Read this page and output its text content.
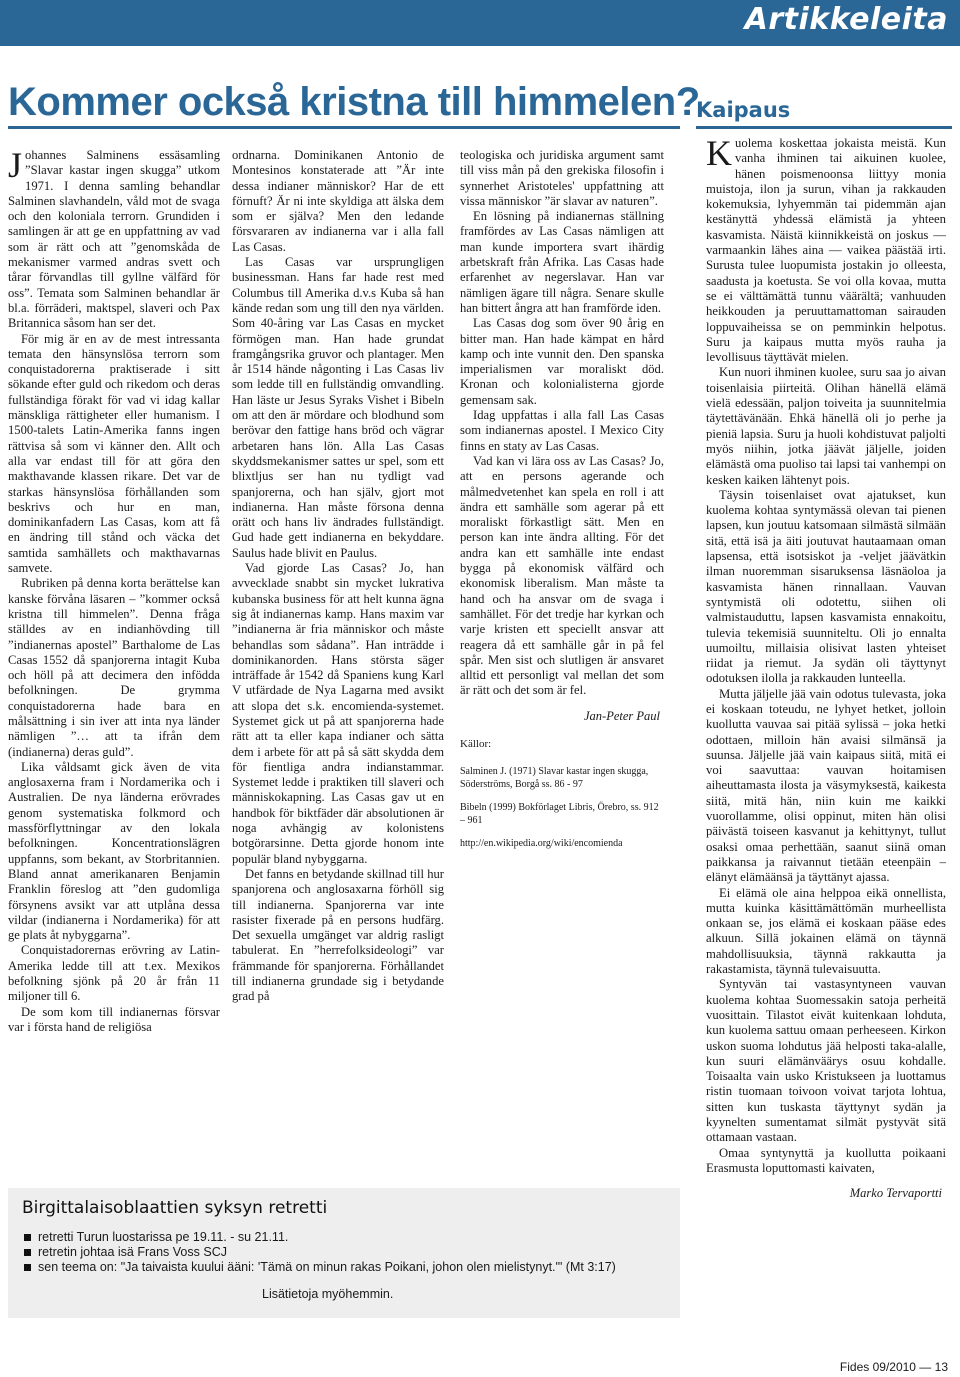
Artikkeleita
Kommer också kristna till himmelen?
Kaipaus

Johannes Salminens essäsamling ”Slavar kastar ingen skugga” utkom 1971. I denna samling behandlar Salminen slavhandeln, våld mot de svaga och den koloniala terrorn. Grundiden i samlingen är att ge en uppfattning av vad som är rätt och att ”genomskåda de mekanismer varmed andras svett och tårar förvandlas till gyllne välfärd för oss”. Temata som Salminen behandlar är bl.a. förräderi, maktspel, slaveri och Pax Britannica såsom han ser det.

För mig är en av de mest intressanta temata den hänsynslösa terrorn som conquistadorerna praktiserade i sitt sökande efter guld och rikedom och deras fullständiga förakt för vad vi idag kallar mänskliga rättigheter eller humanism. I 1500-talets Latin-Amerika fanns ingen rättvisa så som vi känner den. Allt och alla var endast till för att göra den makthavande klassen rikare. Det var de starkas hänsynslösa förhållanden som beskrivs och hur en man, dominikanfadern Las Casas, kom att få en ändring till stånd och väcka det samtida samhällets och makthavarnas samvete.

Rubriken på denna korta berättelse kan kanske förvåna läsaren – ”kommer också kristna till himmelen”. Denna fråga ställdes av en indianhövding till ”indianernas apostel” Barthalome de Las Casas 1552 då spanjorerna intagit Kuba och höll på att decimera den infödda befolkningen. De grymma conquistadorerna hade bara en målsättning i sin iver att inta nya länder nämligen ”… att ta ifrån dem (indianerna) deras guld”.

Lika våldsamt gick även de vita anglosaxerna fram i Nordamerika och i Australien. De nya länderna erövrades genom systematiska folkmord och massförflyttningar av den lokala befolkningen. Koncentrationslägren uppfanns, som bekant, av Storbritannien. Bland annat amerikanaren Benjamin Franklin föreslog att ”den gudomliga försynens avsikt var att utplåna dessa vildar (indianerna i Nordamerika) för att ge plats åt nybyggarna”.

Conquistadorernas erövring av Latin-Amerika ledde till att t.ex. Mexikos befolkning sjönk på 20 år från 11 miljoner till 6.

De som kom till indianernas försvar var i första hand de religiösa

ordnarna. Dominikanen Antonio de Montesinos konstaterade att ”Är inte dessa indianer människor? Har de ett förnuft? Är ni inte skyldiga att älska dem som er själva? Men den ledande försvararen av indianerna var i alla fall Las Casas.

Las Casas var ursprungligen businessman. Hans far hade rest med Columbus till Amerika d.v.s Kuba så han kände redan som ung till den nya världen. Som 40-åring var Las Casas en mycket förmögen man. Han hade grundat framgångsrika gruvor och plantager. Men år 1514 hände någonting i Las Casas liv som ledde till en fullständig omvandling. Han läste ur Jesus Syraks Vishet i Bibeln om att den är mördare och blodhund som berövar den fattige hans bröd och vägrar arbetaren hans lön. Alla Las Casas skyddsmekanismer sattes ur spel, som ett blixtljus ser han nu tydligt vad spanjorerna, och han själv, gjort mot indianerna. Han måste försona denna orätt och hans liv ändrades fullständigt. Gud hade gett indianerna en bekyddare. Saulus hade blivit en Paulus.

Vad gjorde Las Casas? Jo, han avvecklade snabbt sin mycket lukrativa kubanska business för att helt kunna ägna sig åt indianernas kamp. Hans maxim var ”indianerna är fria människor och måste behandlas som sådana”. Han inträdde i dominikanorden. Hans största säger inträffade år 1542 då Spaniens kung Karl V utfärdade de Nya Lagarna med avsikt att slopa det s.k. encomienda-systemet. Systemet gick ut på att spanjorerna hade rätt att ta eller kapa indianer och sätta dem i arbete för att på så sätt skydda dem för fientliga andra indianstammar. Systemet ledde i praktiken till slaveri och människokapning. Las Casas gav ut en handbok för biktfäder där absolutionen är noga avhängig av kolonistens botgörarsinne. Detta gjorde honom inte populär bland nybyggarna.

Det fanns en betydande skillnad till hur spanjorena och anglosaxarna förhöll sig till indianerna. Spanjorerna var inte rasister fixerade på en persons hudfärg. Det sexuella umgänget var aldrig rasligt tabulerat. En ”herrefolksideologi” var främmande för spanjorerna. Förhållandet till indianerna grundade sig i betydande grad på

teologiska och juridiska argument samt till viss mån på den grekiska filosofin i synnerhet Aristoteles' uppfattning att vissa människor ”är slavar av naturen”.

En lösning på indianernas ställning framfördes av Las Casas nämligen att man kunde importera svart ihärdig arbetskraft från Afrika. Las Casas hade erfarenhet av negerslavar. Han var nämligen ägare till några. Senare skulle han bittert ångra att han framförde iden.

Las Casas dog som över 90 årig en bitter man. Han hade kämpat en hård kamp och inte vunnit den. Den spanska imperialismen var moraliskt död. Kronan och kolonialisterna gjorde gemensam sak.

Idag uppfattas i alla fall Las Casas som indianernas apostel. I Mexico City finns en staty av Las Casas.

Vad kan vi lära oss av Las Casas? Jo, att en persons agerande och målmedvetenhet kan spela en roll i att ändra ett samhälle som agerar på ett moraliskt förkastligt sätt. Men en person kan inte ändra allting. För det andra kan ett samhälle inte endast bygga på ekonomisk välfärd och ekonomisk liberalism. Man måste ta hand och ha ansvar om de svaga i samhället. För det tredje har kyrkan och varje kristen ett speciellt ansvar att reagera då ett samhälle går in på fel spår. Men sist och slutligen är ansvaret alltid ett personligt val mellan det som är rätt och det som är fel.

Jan-Peter Paul

Källor:

Salminen J. (1971) Slavar kastar ingen skugga, Söderströms, Borgå ss. 86 - 97

Bibeln (1999) Bokförlaget Libris, Örebro, ss. 912 – 961

http://en.wikipedia.org/wiki/encomienda

Kuolema koskettaa jokaista meistä. Kun vanha ihminen tai aikuinen kuolee, hänen poismenoonsa liittyy monia muistoja, ilon ja surun, vihan ja rakkauden kokemuksia, lyhyemmän tai pidemmän ajan kestänyttä yhdessä elämistä ja yhteen kasvamista. Näistä kiinnikkeistä on joskus — varmaankin lähes aina — vaikea päästää irti. Surusta tulee luopumista jostakin jo olleesta, saadusta ja koetusta. Se voi olla kovaa, mutta se ei välttämättä tunnu väärältä; vanhuuden heikkouden ja peruuttamattoman sairauden loppuvaiheissa se on pemminkin helpotus. Suru ja kaipaus mutta myös rauha ja levollisuus täyttävät mielen.

Kun nuori ihminen kuolee, suru saa jo aivan toisenlaisia piirteitä. Olihan hänellä elämä vielä edessään, paljon toiveita ja suunnitelmia täytettävänään. Ehkä hänellä oli jo perhe ja pieniä lapsia. Suru ja huoli kohdistuvat paljolti myös niihin, jotka jäävät jäljelle, joiden elämästä oma puoliso tai lapsi tai vanhempi on kesken kaiken lähtenyt pois.

Täysin toisenlaiset ovat ajatukset, kun kuolema kohtaa syntymässä olevan tai pienen lapsen, kun joutuu katsomaan silmästä silmään sitä, että isä ja äiti joutuvat hautaamaan oman lapsensa, että isotsiskot ja -veljet jäävätkin ilman nuoremman sisaruksensa läsnäoloa ja kasvamista hänen rinnallaan. Vauvan syntymistä oli odotettu, siihen oli valmistauduttu, lapsen kasvamista ennakoitu, tulevia tekemisiä suunniteltu. Oli jo ennalta uumoiltu, millaisia olisivat lasten yhteiset riidat ja riemut. Ja sydän oli täyttynyt odotuksen ilolla ja rakkauden lunteella.

Mutta jäljelle jää vain odotus tulevasta, joka ei koskaan toteudu, ne lyhyet hetket, jolloin kuollutta vauvaa sai pitää sylissä – joka hetki odottaen, milloin hän avaisi silmänsä ja suunsa. Jäljelle jää vain kaipaus siitä, mitä ei voi saavuttaa: vauvan hoitamisen aiheuttamasta ilosta ja väsymyksestä, kaikesta siitä, mitä hän, niin kuin me kaikki vuorollamme, olisi oppinut, miten hän olisi päivästä toiseen kasvanut ja kehittynyt, tullut osaksi omaa perhettään, saanut siinä oman paikkansa ja raivannut tietään eteenpäin – elänyt elämäänsä ja täyttänyt ajassa.

Ei elämä ole aina helppoa eikä onnellista, mutta kuinka käsittämättömän murheellista onkaan se, jos elämä ei koskaan pääse edes alkuun. Sillä jokainen elämä on täynnä mahdollisuuksia, täynnä rakkautta ja rakastamista, täynnä tulevaisuutta.

Syntyvän tai vastasyntyneen vauvan kuolema kohtaa Suomessakin satoja perheitä vuosittain. Tilastot eivät kuitenkaan lohduta, kun kuolema sattuu omaan perheeseen. Kirkon uskon suoma lohdutus jää helposti taka-alalle, kun suuri elämänväärys osuu kohdalle. Toisaalta vain usko Kristukseen ja luottamus ristin tuomaan toivoon voivat tarjota lohtua, sitten kun tuskasta täyttynyt sydän ja kyynelten sumentamat silmät pystyvät sitä ottamaan vastaan.

Omaa syntynyttä ja kuollutta poikaani Erasmusta loputtomasti kaivaten,

Marko Tervaportti
Birgittalaisoblaattien syksyn retretti
retretti Turun luostarissa pe 19.11. - su 21.11.
retretin johtaa isä Frans Voss SCJ
sen teema on: "Ja taivaista kuului ääni: 'Tämä on minun rakas Poikani, johon olen mielistynyt.'" (Mt 3:17)
Lisätietoja myöhemmin.
Fides 09/2010 — 13
